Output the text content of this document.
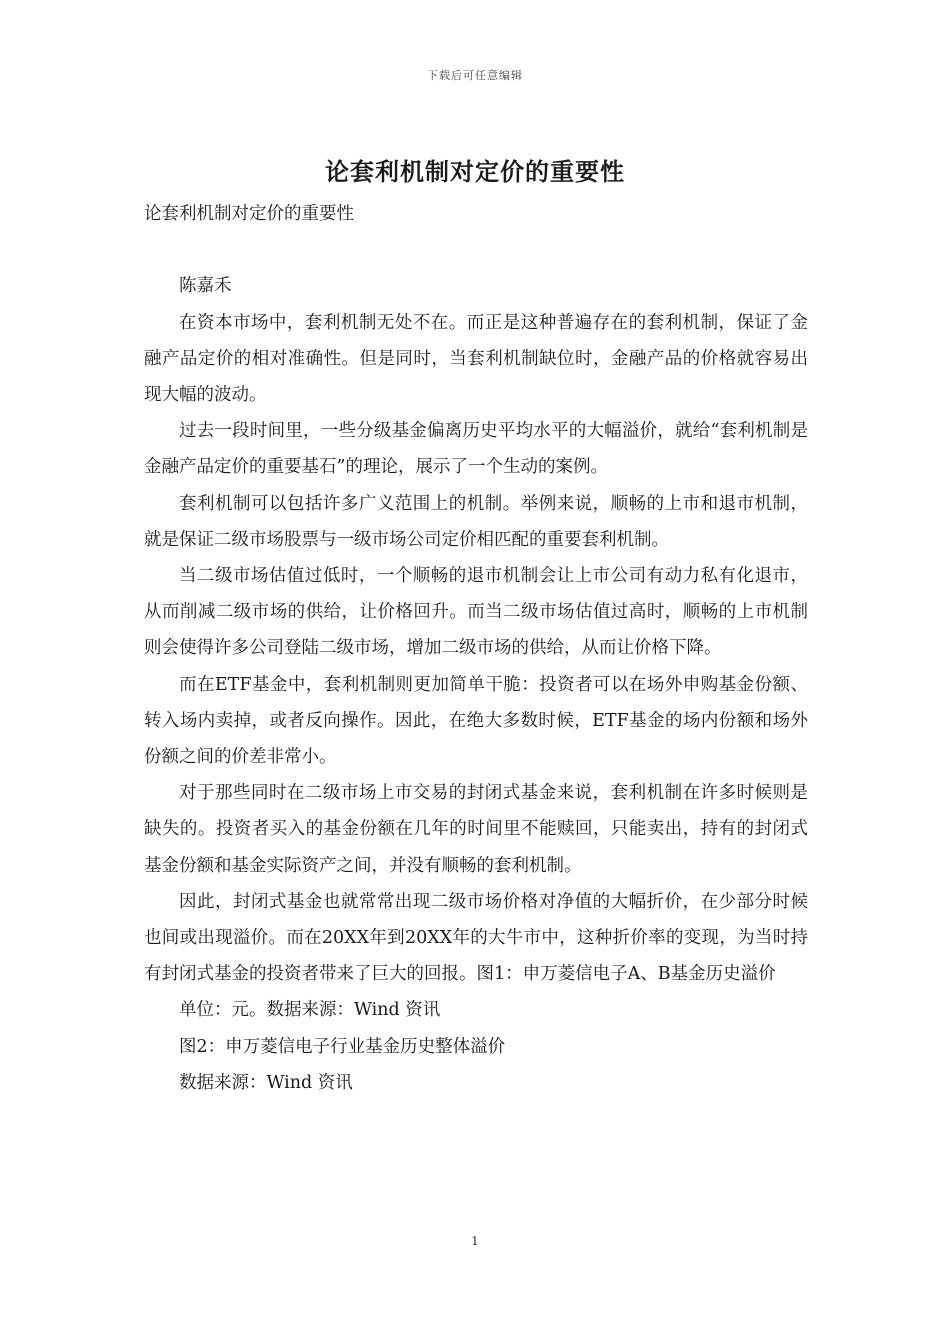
下载后可任意编辑
论套利机制对定价的重要性

论套利机制对定价的重要性

陈嘉禾

在资本市场中，套利机制无处不在。而正是这种普遍存在的套利机制，保证了金融产品定价的相对准确性。但是同时，当套利机制缺位时，金融产品的价格就容易出现大幅的波动。

过去一段时间里，一些分级基金偏离历史平均水平的大幅溢价，就给“套利机制是金融产品定价的重要基石”的理论，展示了一个生动的案例。

套利机制可以包括许多广义范围上的机制。举例来说，顺畅的上市和退市机制，就是保证二级市场股票与一级市场公司定价相匹配的重要套利机制。

当二级市场估值过低时，一个顺畅的退市机制会让上市公司有动力私有化退市，从而削减二级市场的供给，让价格回升。而当二级市场估值过高时，顺畅的上市机制则会使得许多公司登陆二级市场，增加二级市场的供给，从而让价格下降。

而在ETF基金中，套利机制则更加简单干脆：投资者可以在场外申购基金份额、转入场内卖掉，或者反向操作。因此，在绝大多数时候，ETF基金的场内份额和场外份额之间的价差非常小。

对于那些同时在二级市场上市交易的封闭式基金来说，套利机制在许多时候则是缺失的。投资者买入的基金份额在几年的时间里不能赎回，只能卖出，持有的封闭式基金份额和基金实际资产之间，并没有顺畅的套利机制。

因此，封闭式基金也就常常出现二级市场价格对净值的大幅折价，在少部分时候也间或出现溢价。而在20XX年到20XX年的大牛市中，这种折价率的变现，为当时持有封闭式基金的投资者带来了巨大的回报。图1：申万菱信电子A、B基金历史溢价

单位：元。数据来源：Wind 资讯

图2：申万菱信电子行业基金历史整体溢价

数据来源：Wind 资讯

1
